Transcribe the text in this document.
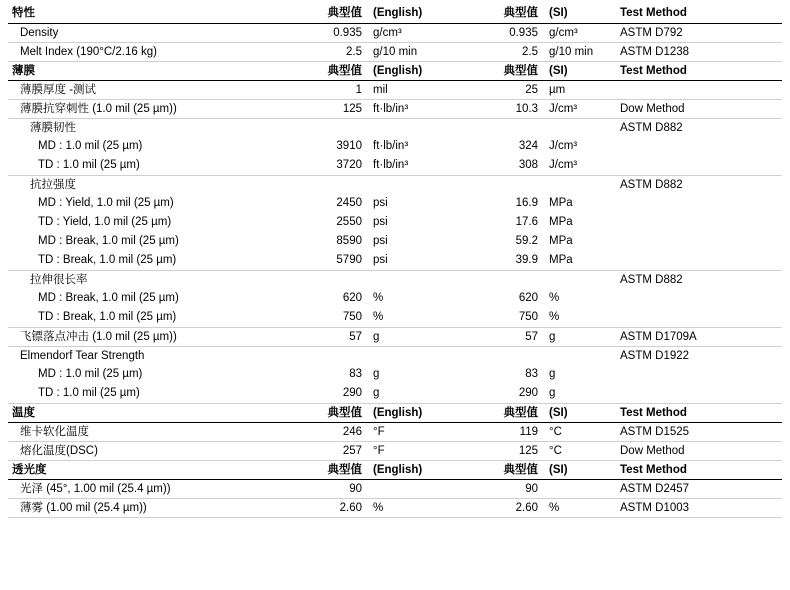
特性	典型值	(English)	典型值	(SI)	Test Method

Density	0.935	g/cm³	0.935	g/cm³	ASTM D792

Melt Index (190°C/2.16 kg)	2.5	g/10 min	2.5	g/10 min	ASTM D1238

薄膜	典型值	(English)	典型值	(SI)	Test Method

薄膜厚度 -测试	1	mil	25	µm	

薄膜抗穿刺性 (1.0 mil (25 µm))	125	ft·lb/in³	10.3	J/cm³	Dow Method

薄膜韧性					ASTM D882

MD : 1.0 mil (25 µm)	3910	ft·lb/in³	324	J/cm³	

TD : 1.0 mil (25 µm)	3720	ft·lb/in³	308	J/cm³	

抗拉强度					ASTM D882

MD : Yield, 1.0 mil (25 µm)	2450	psi	16.9	MPa	

TD : Yield, 1.0 mil (25 µm)	2550	psi	17.6	MPa	

MD : Break, 1.0 mil (25 µm)	8590	psi	59.2	MPa	

TD : Break, 1.0 mil (25 µm)	5790	psi	39.9	MPa	

拉伸很长率					ASTM D882

MD : Break, 1.0 mil (25 µm)	620	%	620	%	

TD : Break, 1.0 mil (25 µm)	750	%	750	%	

飞镖落点冲击 (1.0 mil (25 µm))	57	g	57	g	ASTM D1709A

Elmendorf Tear Strength					ASTM D1922

MD : 1.0 mil (25 µm)	83	g	83	g	

TD : 1.0 mil (25 µm)	290	g	290	g	

温度	典型值	(English)	典型值	(SI)	Test Method

维卡软化温度	246	°F	119	°C	ASTM D1525

熔化温度(DSC)	257	°F	125	°C	Dow Method

透光度	典型值	(English)	典型值	(SI)	Test Method

光泽 (45°, 1.00 mil (25.4 µm))	90		90		ASTM D2457

薄雾 (1.00 mil (25.4 µm))	2.60	%	2.60	%	ASTM D1003
